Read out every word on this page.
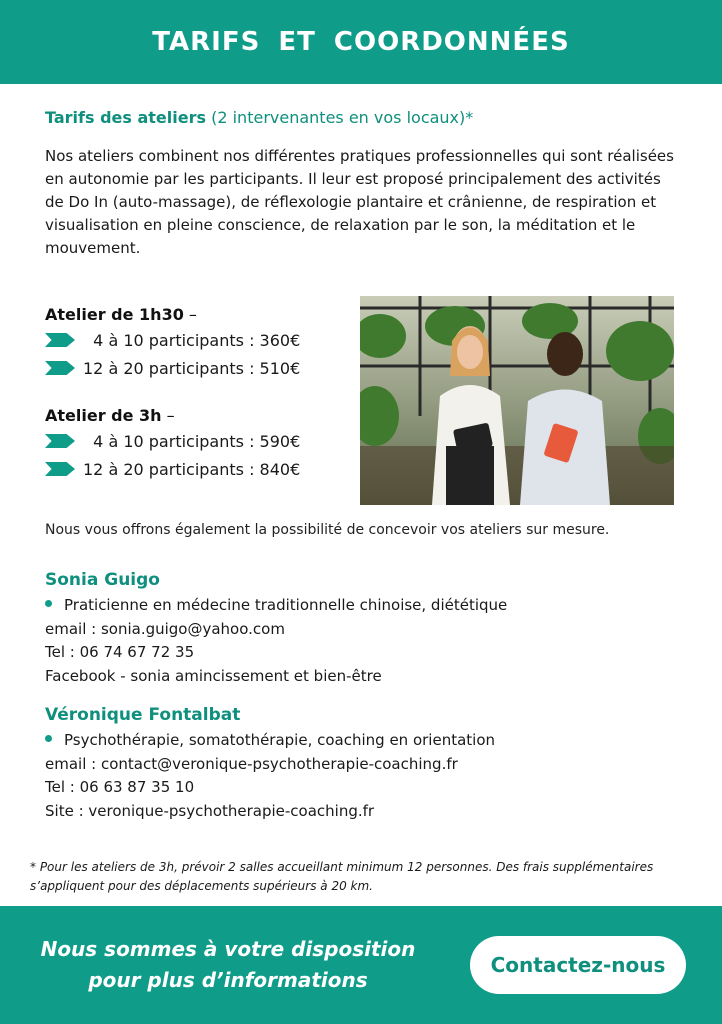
TARIFS ET COORDONNÉES
Tarifs des ateliers (2 intervenantes en vos locaux)*

Nos ateliers combinent nos différentes pratiques professionnelles qui sont réalisées en autonomie par les participants. Il leur est proposé principalement des activités de Do In (auto-massage), de réflexologie plantaire et crânienne, de respiration et visualisation en pleine conscience, de relaxation par le son, la méditation et le mouvement.

Atelier de 1h30 –
4 à 10 participants : 360€
12 à 20 participants : 510€
Atelier de 3h –
4 à 10 participants : 590€
12 à 20 participants : 840€
Nous vous offrons également la possibilité de concevoir vos ateliers sur mesure.
Sonia Guigo
Praticienne en médecine traditionnelle chinoise, diététique
email : sonia.guigo@yahoo.com
Tel : 06 74 67 72 35
Facebook - sonia amincissement et bien-être
Véronique Fontalbat
Psychothérapie, somatothérapie, coaching en orientation
email : contact@veronique-psychotherapie-coaching.fr
Tel : 06 63 87 35 10
Site : veronique-psychotherapie-coaching.fr
* Pour les ateliers de 3h, prévoir 2 salles accueillant minimum 12 personnes. Des frais supplémentaires s’appliquent pour des déplacements supérieurs à 20 km.
Nous sommes à votre disposition
pour plus d’informations
Contactez-nous
